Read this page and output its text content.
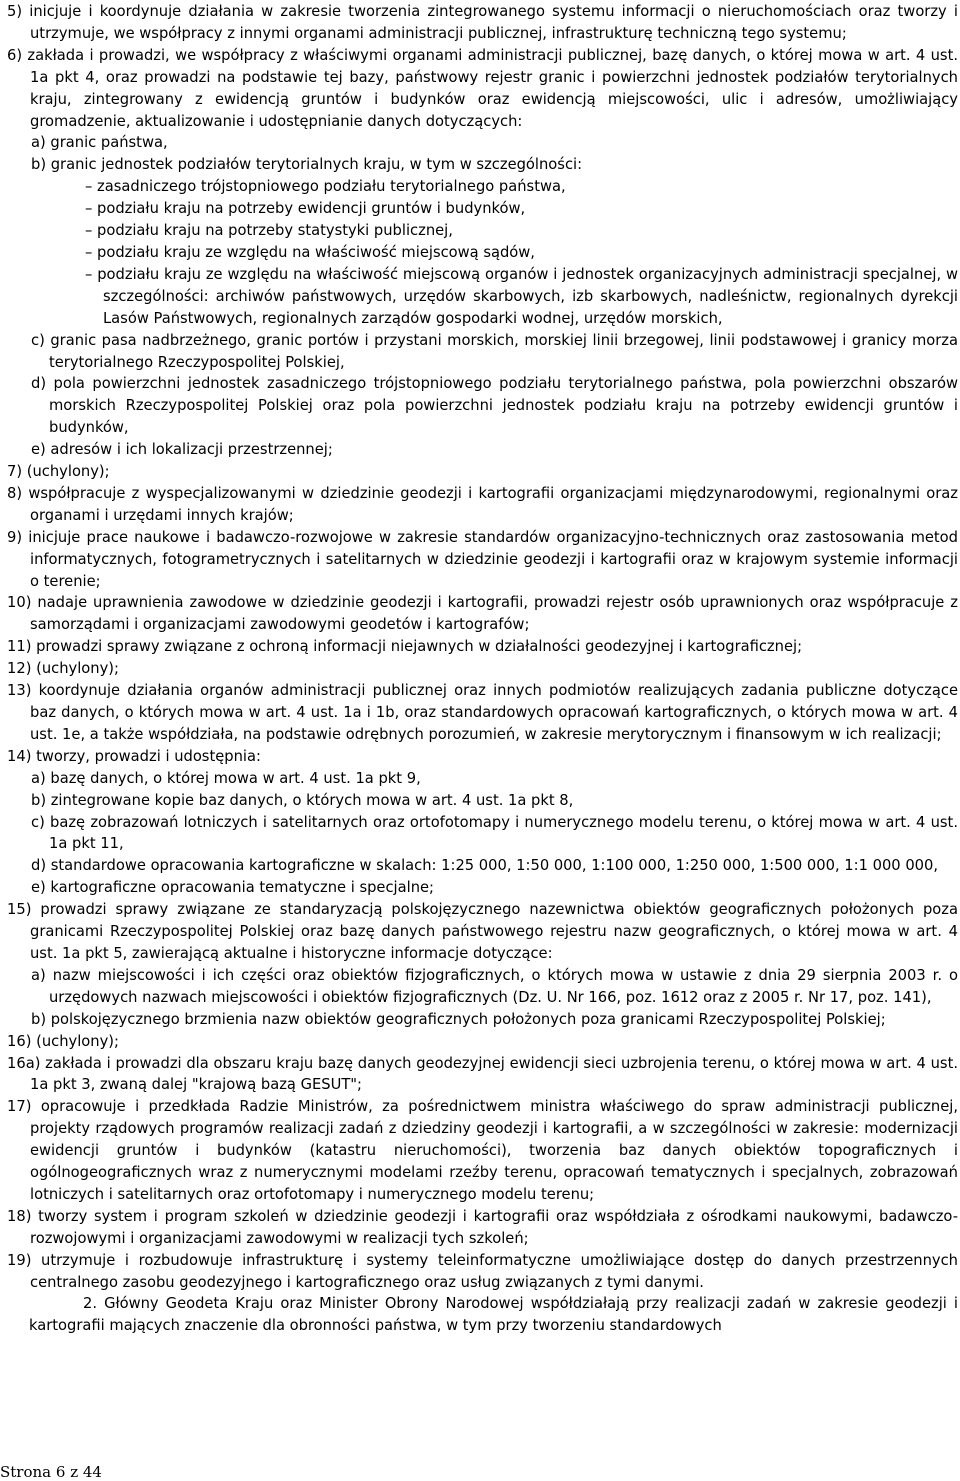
5) inicjuje i koordynuje działania w zakresie tworzenia zintegrowanego systemu informacji o nieruchomościach oraz tworzy i utrzymuje, we współpracy z innymi organami administracji publicznej, infrastrukturę techniczną tego systemu;

6) zakłada i prowadzi, we współpracy z właściwymi organami administracji publicznej, bazę danych, o której mowa w art. 4 ust. 1a pkt 4, oraz prowadzi na podstawie tej bazy, państwowy rejestr granic i powierzchni jednostek podziałów terytorialnych kraju, zintegrowany z ewidencją gruntów i budynków oraz ewidencją miejscowości, ulic i adresów, umożliwiający gromadzenie, aktualizowanie i udostępnianie danych dotyczących:

a) granic państwa,

b) granic jednostek podziałów terytorialnych kraju, w tym w szczególności:

– zasadniczego trójstopniowego podziału terytorialnego państwa,

– podziału kraju na potrzeby ewidencji gruntów i budynków,

– podziału kraju na potrzeby statystyki publicznej,

– podziału kraju ze względu na właściwość miejscową sądów,

– podziału kraju ze względu na właściwość miejscową organów i jednostek organizacyjnych administracji specjalnej, w szczególności: archiwów państwowych, urzędów skarbowych, izb skarbowych, nadleśnictw, regionalnych dyrekcji Lasów Państwowych, regionalnych zarządów gospodarki wodnej, urzędów morskich,

c) granic pasa nadbrzeżnego, granic portów i przystani morskich, morskiej linii brzegowej, linii podstawowej i granicy morza terytorialnego Rzeczypospolitej Polskiej,

d) pola powierzchni jednostek zasadniczego trójstopniowego podziału terytorialnego państwa, pola powierzchni obszarów morskich Rzeczypospolitej Polskiej oraz pola powierzchni jednostek podziału kraju na potrzeby ewidencji gruntów i budynków,

e) adresów i ich lokalizacji przestrzennej;

7) (uchylony);

8) współpracuje z wyspecjalizowanymi w dziedzinie geodezji i kartografii organizacjami międzynarodowymi, regionalnymi oraz organami i urzędami innych krajów;

9) inicjuje prace naukowe i badawczo-rozwojowe w zakresie standardów organizacyjno-technicznych oraz zastosowania metod informatycznych, fotogrametrycznych i satelitarnych w dziedzinie geodezji i kartografii oraz w krajowym systemie informacji o terenie;

10) nadaje uprawnienia zawodowe w dziedzinie geodezji i kartografii, prowadzi rejestr osób uprawnionych oraz współpracuje z samorządami i organizacjami zawodowymi geodetów i kartografów;

11) prowadzi sprawy związane z ochroną informacji niejawnych w działalności geodezyjnej i kartograficznej;

12) (uchylony);

13) koordynuje działania organów administracji publicznej oraz innych podmiotów realizujących zadania publiczne dotyczące baz danych, o których mowa w art. 4 ust. 1a i 1b, oraz standardowych opracowań kartograficznych, o których mowa w art. 4 ust. 1e, a także współdziała, na podstawie odrębnych porozumień, w zakresie merytorycznym i finansowym w ich realizacji;

14) tworzy, prowadzi i udostępnia:

a) bazę danych, o której mowa w art. 4 ust. 1a pkt 9,

b) zintegrowane kopie baz danych, o których mowa w art. 4 ust. 1a pkt 8,

c) bazę zobrazowań lotniczych i satelitarnych oraz ortofotomapy i numerycznego modelu terenu, o której mowa w art. 4 ust. 1a pkt 11,

d) standardowe opracowania kartograficzne w skalach: 1:25 000, 1:50 000, 1:100 000, 1:250 000, 1:500 000, 1:1 000 000,

e) kartograficzne opracowania tematyczne i specjalne;

15) prowadzi sprawy związane ze standaryzacją polskojęzycznego nazewnictwa obiektów geograficznych położonych poza granicami Rzeczypospolitej Polskiej oraz bazę danych państwowego rejestru nazw geograficznych, o której mowa w art. 4 ust. 1a pkt 5, zawierającą aktualne i historyczne informacje dotyczące:

a) nazw miejscowości i ich części oraz obiektów fizjograficznych, o których mowa w ustawie z dnia 29 sierpnia 2003 r. o urzędowych nazwach miejscowości i obiektów fizjograficznych (Dz. U. Nr 166, poz. 1612 oraz z 2005 r. Nr 17, poz. 141),

b) polskojęzycznego brzmienia nazw obiektów geograficznych położonych poza granicami Rzeczypospolitej Polskiej;

16) (uchylony);

16a) zakłada i prowadzi dla obszaru kraju bazę danych geodezyjnej ewidencji sieci uzbrojenia terenu, o której mowa w art. 4 ust. 1a pkt 3, zwaną dalej "krajową bazą GESUT";

17) opracowuje i przedkłada Radzie Ministrów, za pośrednictwem ministra właściwego do spraw administracji publicznej, projekty rządowych programów realizacji zadań z dziedziny geodezji i kartografii, a w szczególności w zakresie: modernizacji ewidencji gruntów i budynków (katastru nieruchomości), tworzenia baz danych obiektów topograficznych i ogólnogeograficznych wraz z numerycznymi modelami rzeźby terenu, opracowań tematycznych i specjalnych, zobrazowań lotniczych i satelitarnych oraz ortofotomapy i numerycznego modelu terenu;

18) tworzy system i program szkoleń w dziedzinie geodezji i kartografii oraz współdziała z ośrodkami naukowymi, badawczo-rozwojowymi i organizacjami zawodowymi w realizacji tych szkoleń;

19) utrzymuje i rozbudowuje infrastrukturę i systemy teleinformatyczne umożliwiające dostęp do danych przestrzennych centralnego zasobu geodezyjnego i kartograficznego oraz usług związanych z tymi danymi.

2. Główny Geodeta Kraju oraz Minister Obrony Narodowej współdziałają przy realizacji zadań w zakresie geodezji i kartografii mających znaczenie dla obronności państwa, w tym przy tworzeniu standardowych

Strona 6 z 44
